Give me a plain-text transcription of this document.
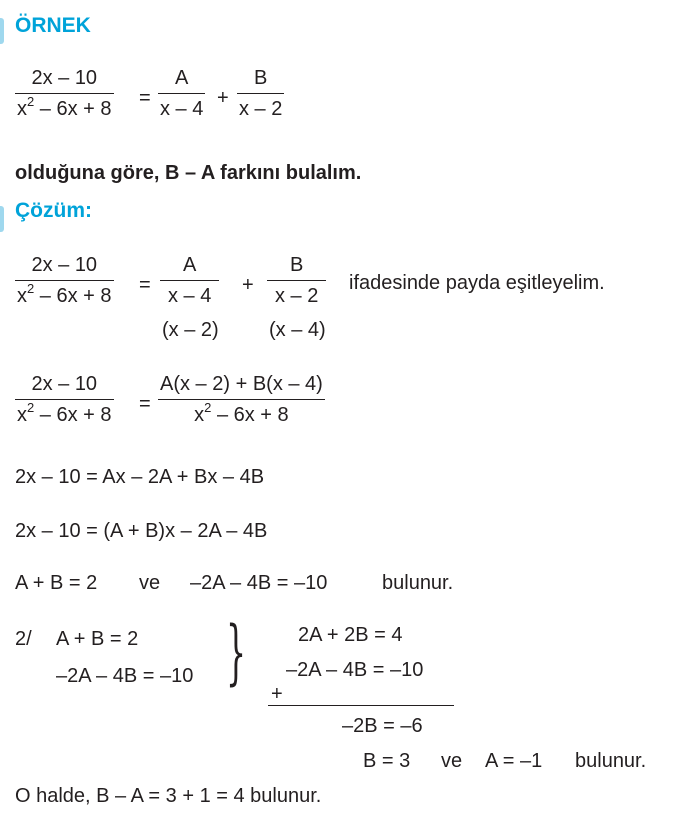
ÖRNEK
$\frac{2x - 10}{x^2 - 6x + 8} = \frac{A}{x - 4} + \frac{B}{x - 2}$
olduğuna göre, B – A farkını bulalım.
Çözüm:
$\frac{2x - 10}{x^2 - 6x + 8} = \frac{A}{x - 4}$
(x – 2)
+ $\frac{B}{x - 2}$
(x – 4)
ifadesinde payda eşitleyelim.
$\frac{2x - 10}{x^2 - 6x + 8} = \frac{A(x - 2) + B(x - 4)}{x^2 - 6x + 8}$
2x – 10 = Ax – 2A + Bx – 4B
2x – 10 = (A + B)x – 2A – 4B
A + B = 2 ve –2A – 4B = –10	bulunur.
2/ A + B = 2
–2A – 4B = –10 }	2A + 2B = 4
–2A – 4B = –10
+
–2B = –6
B = 3 ve A = –1 bulunur.
O halde, B – A = 3 + 1 = 4 bulunur.
